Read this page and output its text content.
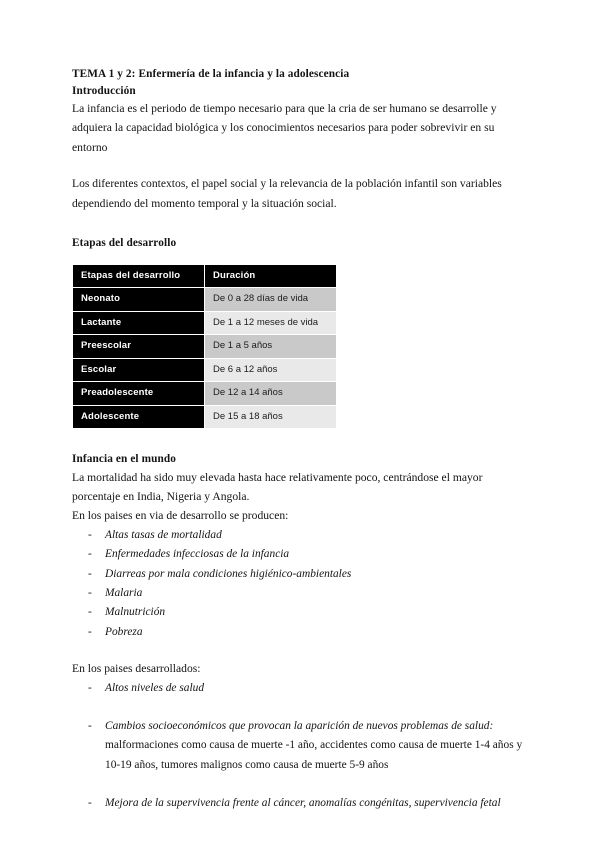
TEMA 1 y 2: Enfermería de la infancia y la adolescencia
Introducción

La infancia es el periodo de tiempo necesario para que la cria de ser humano se desarrolle y adquiera la capacidad biológica y los conocimientos necesarios para poder sobrevivir en su entorno

Los diferentes contextos, el papel social y la relevancia de la población infantil son variables dependiendo del momento temporal y la situación social.

Etapas del desarrollo
Etapas del desarrollo	Duración
Neonato	De 0 a 28 días de vida
Lactante	De 1 a 12 meses de vida
Preescolar	De 1 a 5 años
Escolar	De 6 a 12 años
Preadolescente	De 12 a 14 años
Adolescente	De 15 a 18 años
Infancia en el mundo

La mortalidad ha sido muy elevada hasta hace relativamente poco, centrándose el mayor porcentaje en India, Nigeria y Angola.

En los paises en via de desarrollo se producen:

- Altas tasas de mortalidad
- Enfermedades infecciosas de la infancia
- Diarreas por mala condiciones higiénico-ambientales
- Malaria
- Malnutrición
- Pobreza

En los paises desarrollados:

- Altos niveles de salud
- Cambios socioeconómicos que provocan la aparición de nuevos problemas de salud: malformaciones como causa de muerte -1 año, accidentes como causa de muerte 1-4 años y 10-19 años, tumores malignos como causa de muerte 5-9 años
- Mejora de la supervivencia frente al cáncer, anomalías congénitas, supervivencia fetal
